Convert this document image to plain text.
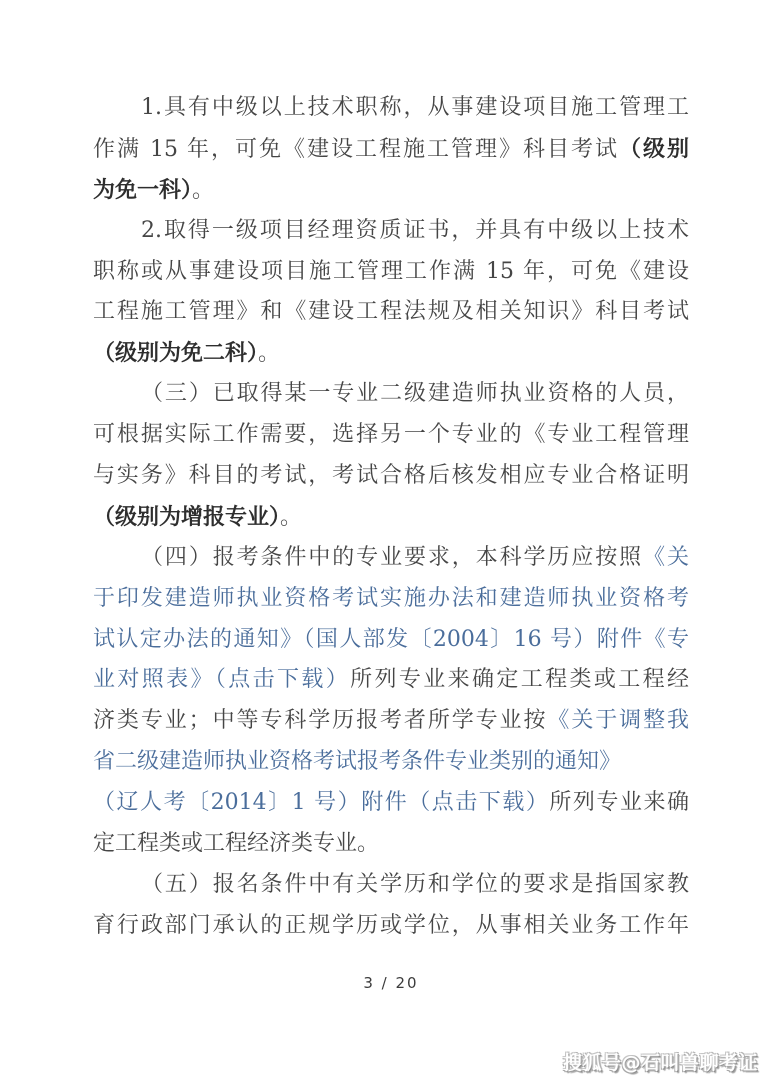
1.具有中级以上技术职称，从事建设项目施工管理工
作满 15 年，可免《建设工程施工管理》科目考试（级别
为免一科）。
2.取得一级项目经理资质证书，并具有中级以上技术
职称或从事建设项目施工管理工作满 15 年，可免《建设
工程施工管理》和《建设工程法规及相关知识》科目考试
（级别为免二科）。
（三）已取得某一专业二级建造师执业资格的人员，
可根据实际工作需要，选择另一个专业的《专业工程管理
与实务》科目的考试，考试合格后核发相应专业合格证明
（级别为增报专业）。
（四）报考条件中的专业要求，本科学历应按照《关
于印发建造师执业资格考试实施办法和建造师执业资格考
试认定办法的通知》（国人部发〔2004〕16 号）附件《专
业对照表》（点击下载）所列专业来确定工程类或工程经
济类专业；中等专科学历报考者所学专业按《关于调整我
省二级建造师执业资格考试报考条件专业类别的通知》
（辽人考〔2014〕1 号）附件（点击下载）所列专业来确
定工程类或工程经济类专业。
（五）报名条件中有关学历和学位的要求是指国家教
育行政部门承认的正规学历或学位，从事相关业务工作年
3 / 20
搜狐号@石叫兽聊考证
